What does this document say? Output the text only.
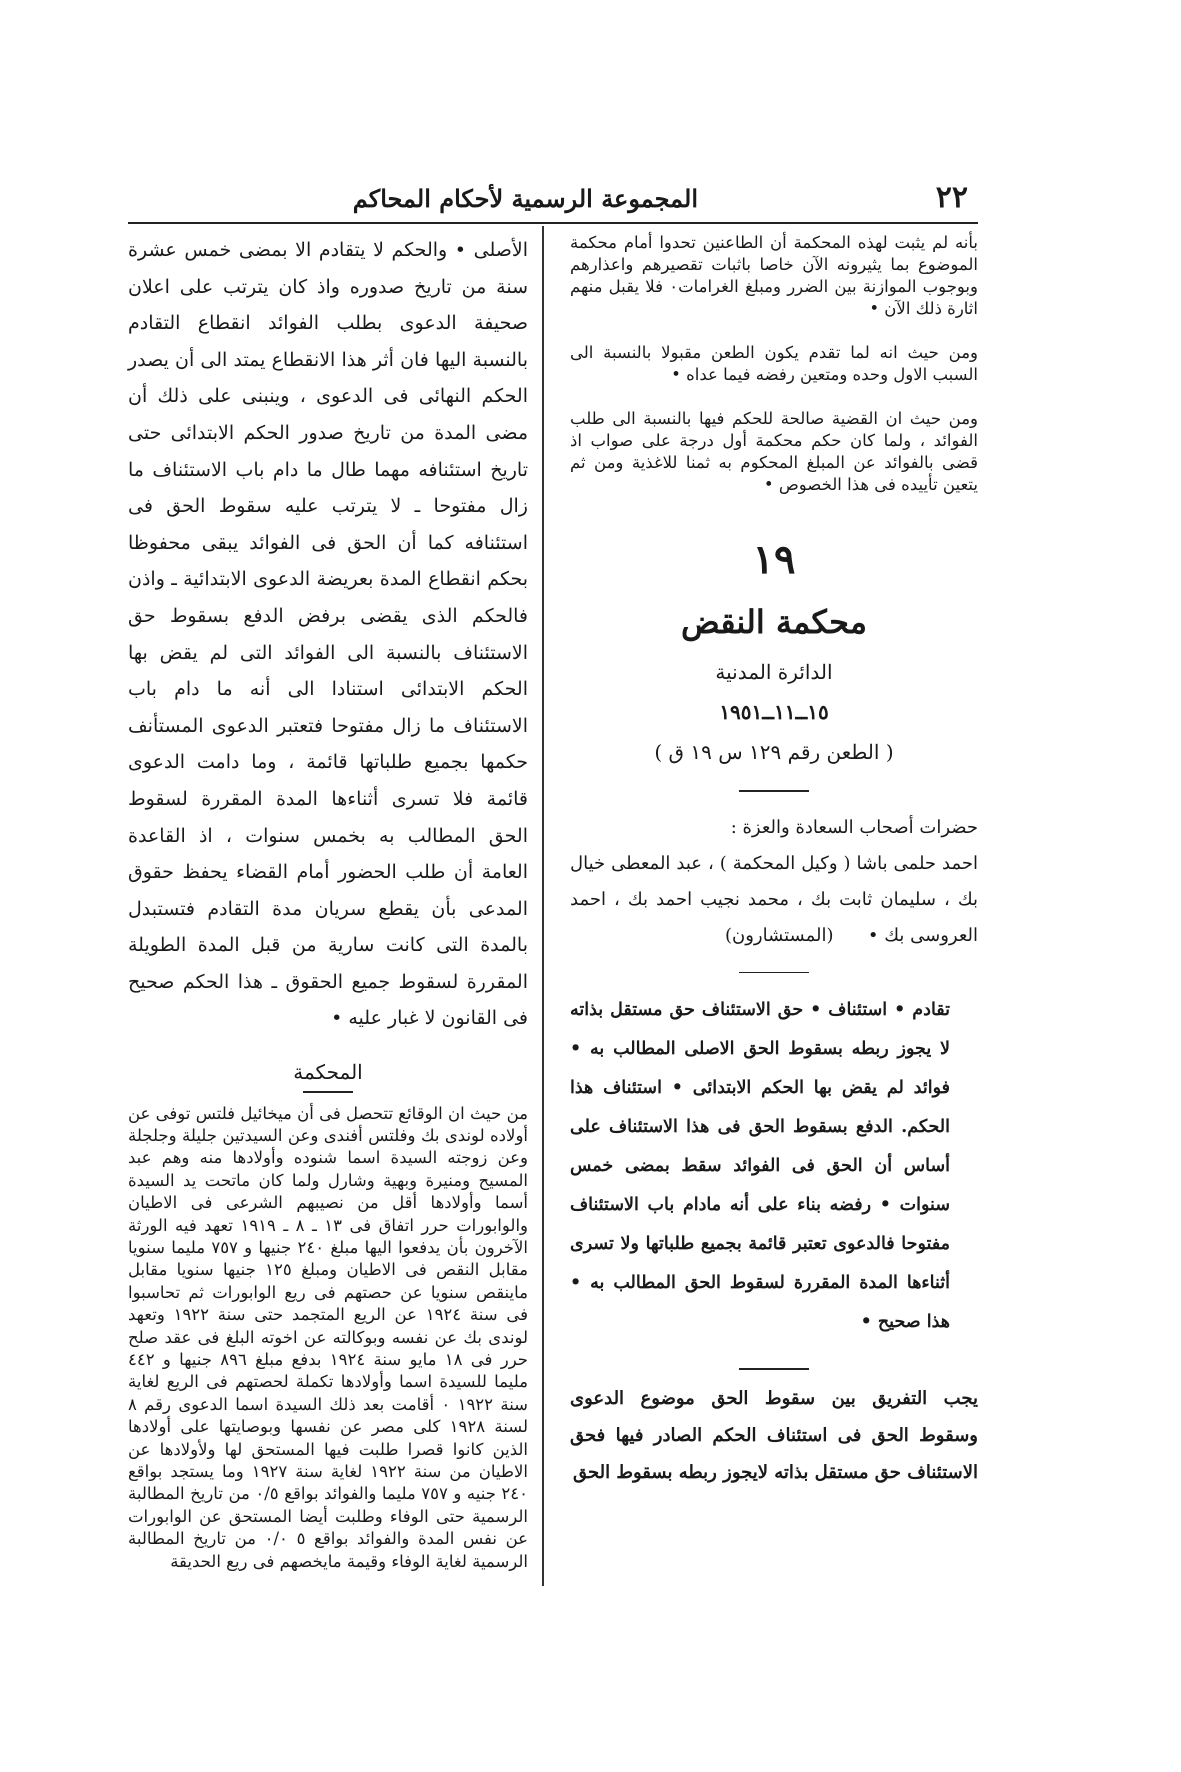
٢٢
المجموعة الرسمية لأحكام المحاكم

بأنه لم يثبت لهذه المحكمة أن الطاعنين تحدوا أمام محكمة الموضوع بما يثيرونه الآن خاصا باثبات تقصيرهم واعذارهم وبوجوب الموازنة بين الضرر ومبلغ الغرامات٠ فلا يقبل منهم اثارة ذلك الآن •

ومن حيث انه لما تقدم يكون الطعن مقبولا بالنسبة الى السبب الاول وحده ومتعين رفضه فيما عداه •

ومن حيث ان القضية صالحة للحكم فيها بالنسبة الى طلب الفوائد ، ولما كان حكم محكمة أول درجة على صواب اذ قضى بالفوائد عن المبلغ المحكوم به ثمنا للاغذية ومن ثم يتعين تأييده فى هذا الخصوص •

١٩
محكمة النقض
الدائرة المدنية
١٥ــ١١ــ١٩٥١
( الطعن رقم ١٢٩ س ١٩ ق )

حضرات أصحاب السعادة والعزة :

احمد حلمى باشا ( وكيل المحكمة ) ، عبد المعطى خيال بك ، سليمان ثابت بك ، محمد نجيب احمد بك ، احمد العروسى بك •      (المستشارون)

تقادم • استئناف • حق الاستئناف حق مستقل بذاته لا يجوز ربطه بسقوط الحق الاصلى المطالب به • فوائد لم يقض بها الحكم الابتدائى • استئناف هذا الحكم. الدفع بسقوط الحق فى هذا الاستئناف على أساس أن الحق فى الفوائد سقط بمضى خمس سنوات • رفضه بناء على أنه مادام باب الاستئناف مفتوحا فالدعوى تعتبر قائمة بجميع طلباتها ولا تسرى أثناءها المدة المقررة لسقوط الحق المطالب به • هذا صحيح •

يجب التفريق بين سقوط الحق موضوع الدعوى وسقوط الحق فى استئناف الحكم الصادر فيها فحق الاستئناف حق مستقل بذاته لايجوز ربطه بسقوط الحق

الأصلى • والحكم لا يتقادم الا بمضى خمس عشرة سنة من تاريخ صدوره واذ كان يترتب على اعلان صحيفة الدعوى بطلب الفوائد انقطاع التقادم بالنسبة اليها فان أثر هذا الانقطاع يمتد الى أن يصدر الحكم النهائى فى الدعوى ، وينبنى على ذلك أن مضى المدة من تاريخ صدور الحكم الابتدائى حتى تاريخ استئنافه مهما طال ما دام باب الاستئناف ما زال مفتوحا ـ لا يترتب عليه سقوط الحق فى استئنافه كما أن الحق فى الفوائد يبقى محفوظا بحكم انقطاع المدة بعريضة الدعوى الابتدائية ـ واذن فالحكم الذى يقضى برفض الدفع بسقوط حق الاستئناف بالنسبة الى الفوائد التى لم يقض بها الحكم الابتدائى استنادا الى أنه ما دام باب الاستئناف ما زال مفتوحا فتعتبر الدعوى المستأنف حكمها بجميع طلباتها قائمة ، وما دامت الدعوى قائمة فلا تسرى أثناءها المدة المقررة لسقوط الحق المطالب به بخمس سنوات ، اذ القاعدة العامة أن طلب الحضور أمام القضاء يحفظ حقوق المدعى بأن يقطع سريان مدة التقادم فتستبدل بالمدة التى كانت سارية من قبل المدة الطويلة المقررة لسقوط جميع الحقوق ـ هذا الحكم صحيح فى القانون لا غبار عليه •

المحكمة

من حيث ان الوقائع تتحصل فى أن ميخائيل فلتس توفى عن أولاده لوندى بك وفلتس أفندى وعن السيدتين جليلة وجلجلة وعن زوجته السيدة اسما شنوده وأولادها منه وهم عبد المسيح ومنيرة وبهية وشارل ولما كان ماتحت يد السيدة أسما وأولادها أقل من نصيبهم الشرعى فى الاطيان والوابورات حرر اتفاق فى ١٣ ـ ٨ ـ ١٩١٩ تعهد فيه الورثة الآخرون بأن يدفعوا اليها مبلغ ٢٤٠ جنيها و ٧٥٧ مليما سنويا مقابل النقص فى الاطيان ومبلغ ١٢٥ جنيها سنويا مقابل ماينقص سنويا عن حصتهم فى ريع الوابورات ثم تحاسبوا فى سنة ١٩٢٤ عن الريع المتجمد حتى سنة ١٩٢٢ وتعهد لوندى بك عن نفسه وبوكالته عن اخوته البلغ فى عقد صلح حرر فى ١٨ مايو سنة ١٩٢٤ بدفع مبلغ ٨٩٦ جنيها و ٤٤٢ مليما للسيدة اسما وأولادها تكملة لحصتهم فى الريع لغاية سنة ١٩٢٢ ٠ أقامت بعد ذلك السيدة اسما الدعوى رقم ٨ لسنة ١٩٢٨ كلى مصر عن نفسها وبوصايتها على أولادها الذين كانوا قصرا طلبت فيها المستحق لها ولأولادها عن الاطيان من سنة ١٩٢٢ لغاية سنة ١٩٢٧ وما يستجد بواقع ٢٤٠ جنيه و ٧٥٧ مليما والفوائد بواقع ٠/٥ من تاريخ المطالبة الرسمية حتى الوفاء وطلبت أيضا المستحق عن الوابورات عن نفس المدة والفوائد بواقع ٥ ٠/٠ من تاريخ المطالبة الرسمية لغاية الوفاء وقيمة مايخصهم فى ريع الحديقة
